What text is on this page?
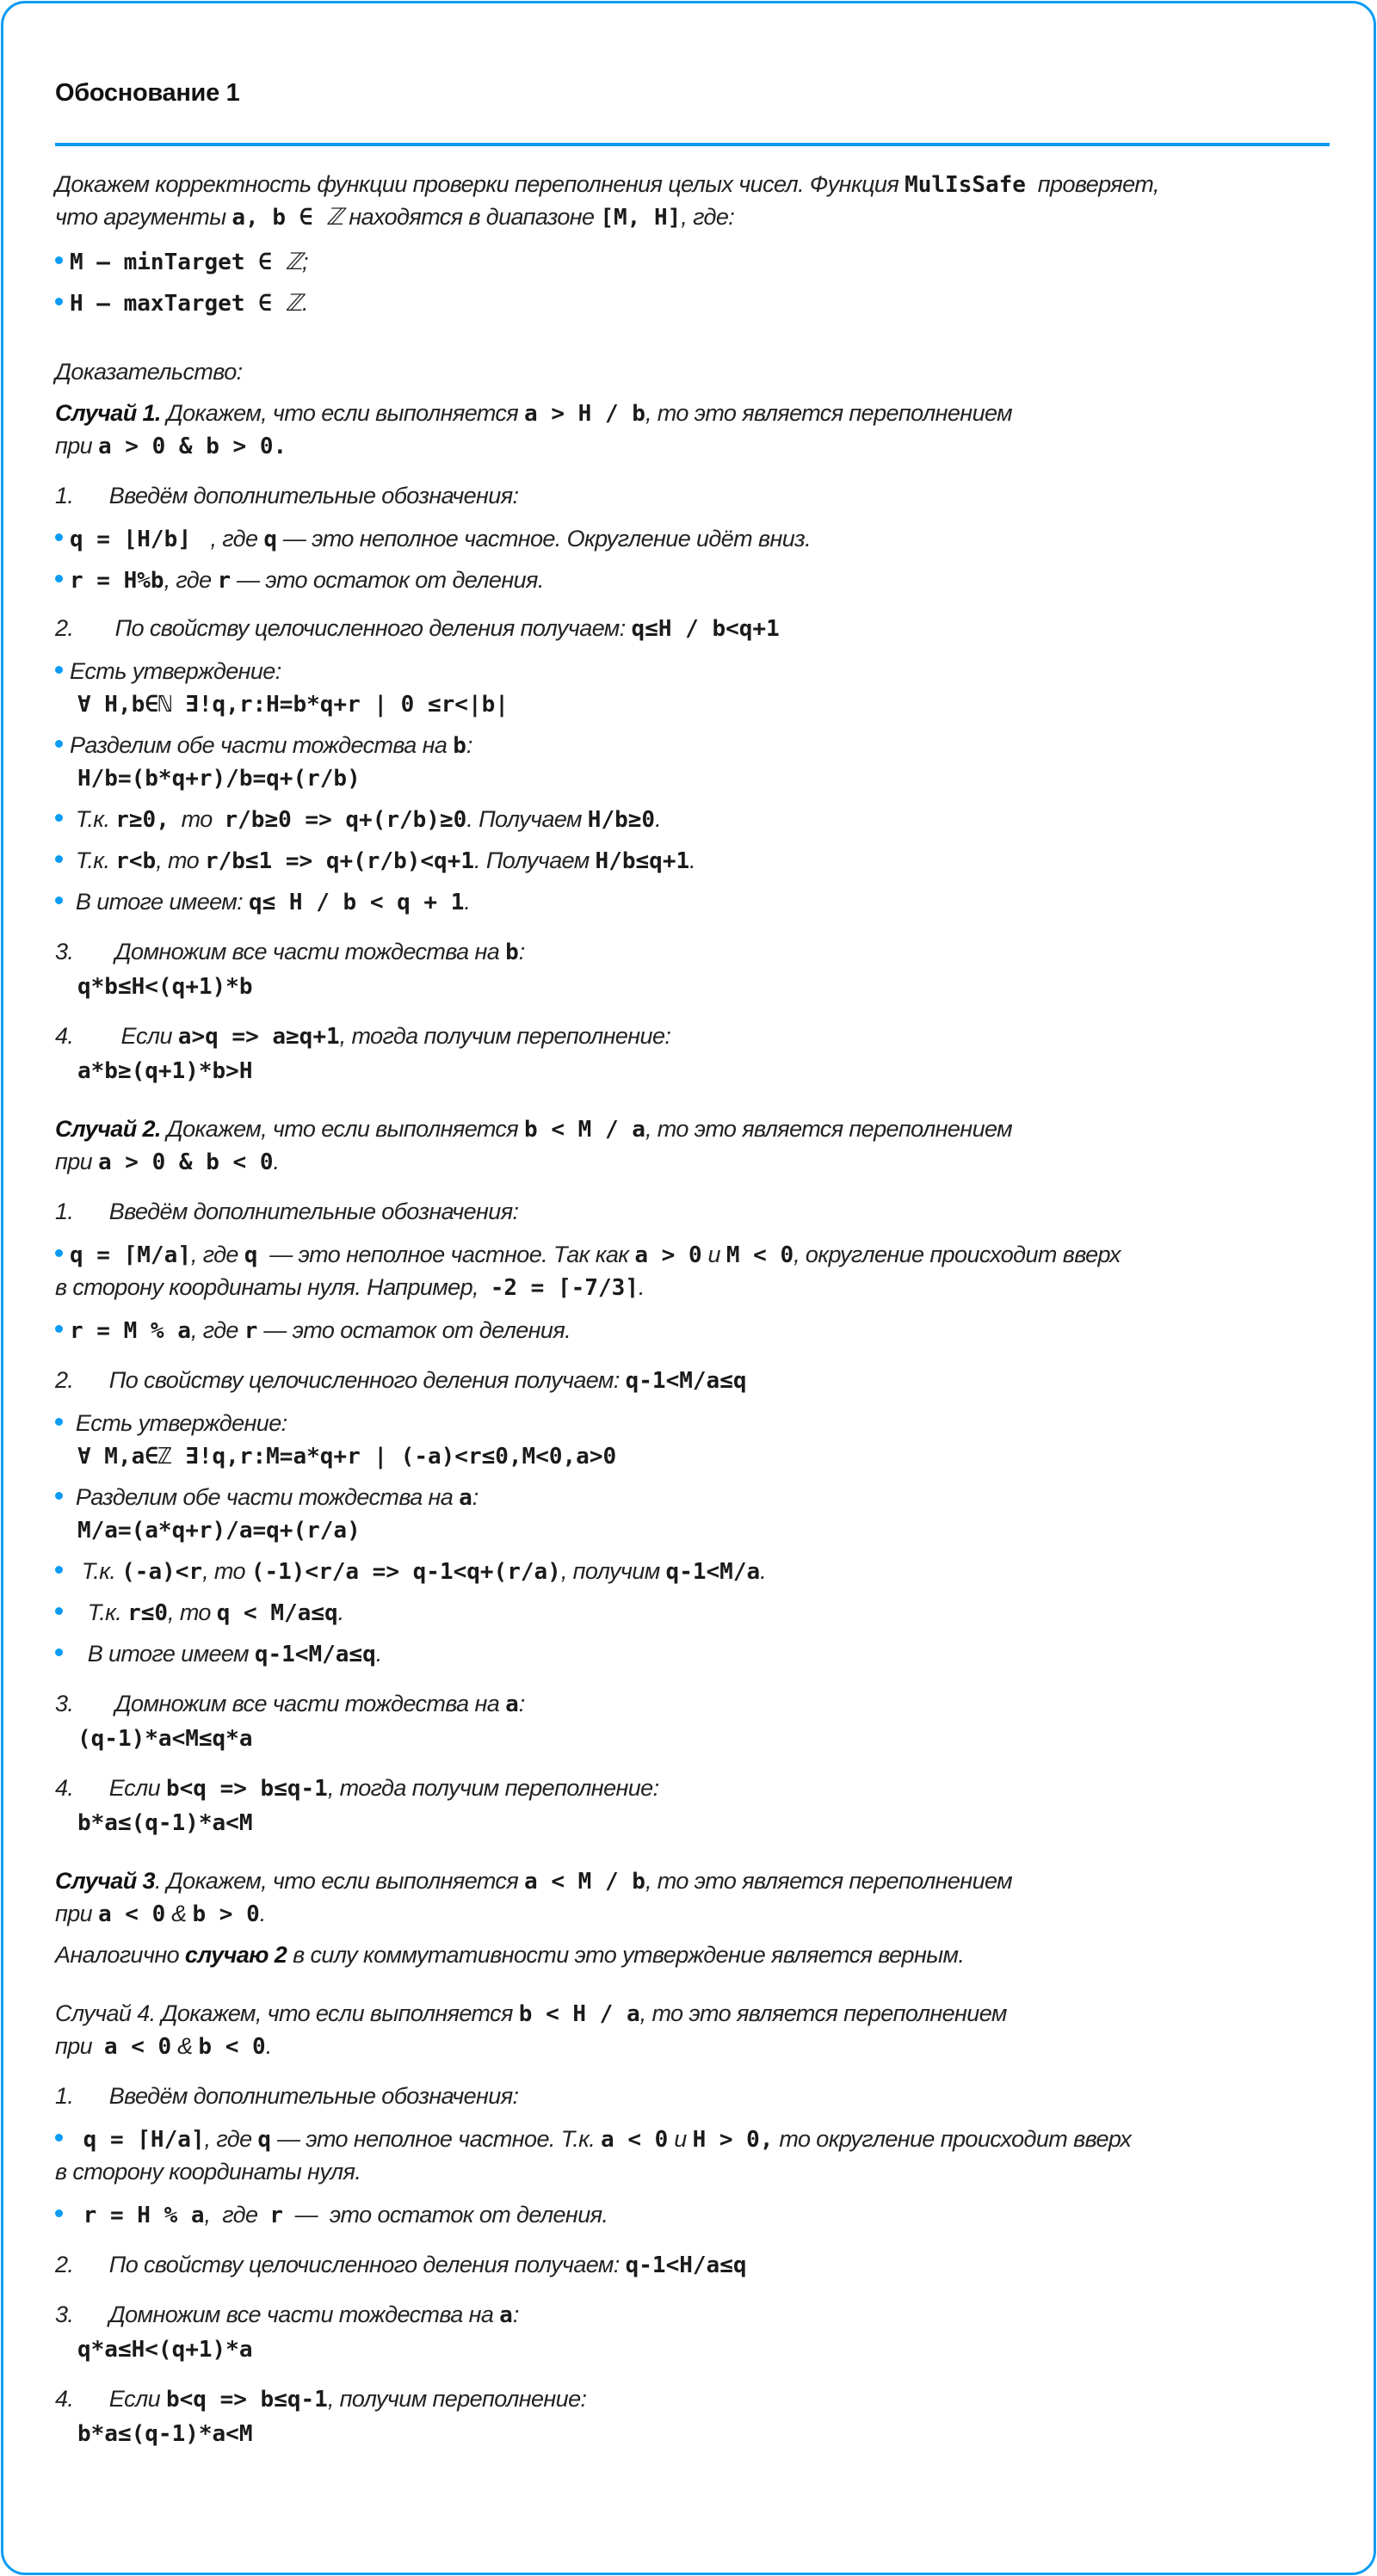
Обоснование 1
Докажем корректность функции проверки переполнения целых чисел. Функция MulIsSafe  проверяет,
что аргументы a, b ∈ ℤ находятся в диапазоне [M, H], где:
M – minTarget ∈ ℤ;
H – maxTarget ∈ ℤ.
Доказательство:
Случай 1. Докажем, что если выполняется a > H / b, то это является переполнением
при a > 0 & b > 0.
1.      Введём дополнительные обозначения:
q = ⌊H/b⌋  , где q — это неполное частное. Округление идёт вниз.
r = H%b, где r — это остаток от деления.
2.       По свойству целочисленного деления получаем: q≤H / b<q+1
Есть утверждение:
∀ H,b∈ℕ ∃!q,r:H=b*q+r | 0 ≤r<|b|
Разделим обе части тождества на b:
H/b=(b*q+r)/b=q+(r/b)
Т.к. r≥0,  то  r/b≥0 => q+(r/b)≥0. Получаем H/b≥0.
Т.к. r<b, то r/b≤1 => q+(r/b)<q+1. Получаем H/b≤q+1.
В итоге имеем: q≤ H / b < q + 1.
3.       Домножим все части тождества на b:
q*b≤H<(q+1)*b
4.        Если a>q => a≥q+1, тогда получим переполнение:
a*b≥(q+1)*b>H
Случай 2. Докажем, что если выполняется b < M / a, то это является переполнением
при a > 0 & b < 0.
1.      Введём дополнительные обозначения:
q = ⌈M/a⌉, где q  — это неполное частное. Так как a > 0 и M < 0, округление происходит вверх
в сторону координаты нуля. Например,  -2 = ⌈-7/3⌉.
r = M % a, где r — это остаток от деления.
2.      По свойству целочисленного деления получаем: q-1<M/a≤q
Есть утверждение:
∀ M,a∈ℤ ∃!q,r:M=a*q+r | (-a)<r≤0,M<0,a>0
Разделим обе части тождества на a:
M/a=(a*q+r)/a=q+(r/a)
Т.к. (-a)<r, то (-1)<r/a => q-1<q+(r/a), получим q-1<M/a.
Т.к. r≤0, то q < M/a≤q.
В итоге имеем q-1<M/a≤q.
3.       Домножим все части тождества на a:
(q-1)*a<M≤q*a
4.      Если b<q => b≤q-1, тогда получим переполнение:
b*a≤(q-1)*a<M
Случай 3. Докажем, что если выполняется a < M / b, то это является переполнением
при a < 0 & b > 0.
Аналогично случаю 2 в силу коммутативности это утверждение является верным.
Случай 4. Докажем, что если выполняется b < H / a, то это является переполнением
при  a < 0 & b < 0.
1.      Введём дополнительные обозначения:
q = ⌈H/a⌉, где q — это неполное частное. Т.к. a < 0 и H > 0, то округление происходит вверх
в сторону координаты нуля.
r = H % a,  где  r  —  это остаток от деления.
2.      По свойству целочисленного деления получаем: q-1<H/a≤q
3.      Домножим все части тождества на a:
q*a≤H<(q+1)*a
4.      Если b<q => b≤q-1, получим переполнение:
b*a≤(q-1)*a<M
